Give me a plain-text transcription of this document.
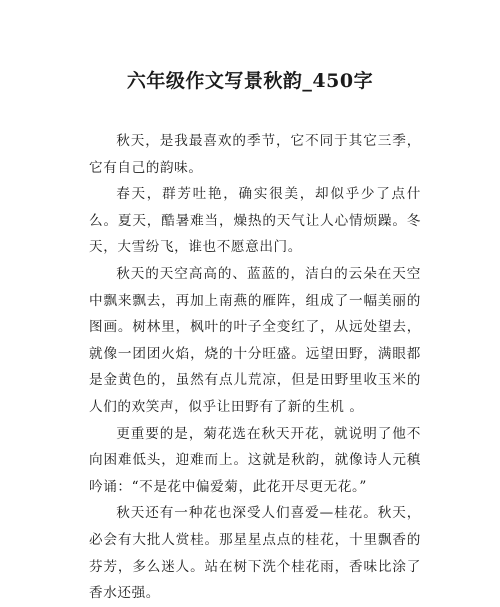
六年级作文写景秋韵_450字

秋天，是我最喜欢的季节，它不同于其它三季，它有自己的韵味。

春天，群芳吐艳，确实很美，却似乎少了点什么。夏天，酷暑难当，燥热的天气让人心情烦躁。冬天，大雪纷飞，谁也不愿意出门。

秋天的天空高高的、蓝蓝的，洁白的云朵在天空中飘来飘去，再加上南燕的雁阵，组成了一幅美丽的图画。树林里，枫叶的叶子全变红了，从远处望去，就像一团团火焰，烧的十分旺盛。远望田野，满眼都是金黄色的，虽然有点儿荒凉，但是田野里收玉米的人们的欢笑声，似乎让田野有了新的生机 。

更重要的是，菊花选在秋天开花，就说明了他不向困难低头，迎难而上。这就是秋韵，就像诗人元稹吟诵：“不是花中偏爱菊，此花开尽更无花。”

秋天还有一种花也深受人们喜爱—桂花。秋天，必会有大批人赏桂。那星星点点的桂花，十里飘香的芬芳，多么迷人。站在树下洗个桂花雨，香味比涂了香水还强。
